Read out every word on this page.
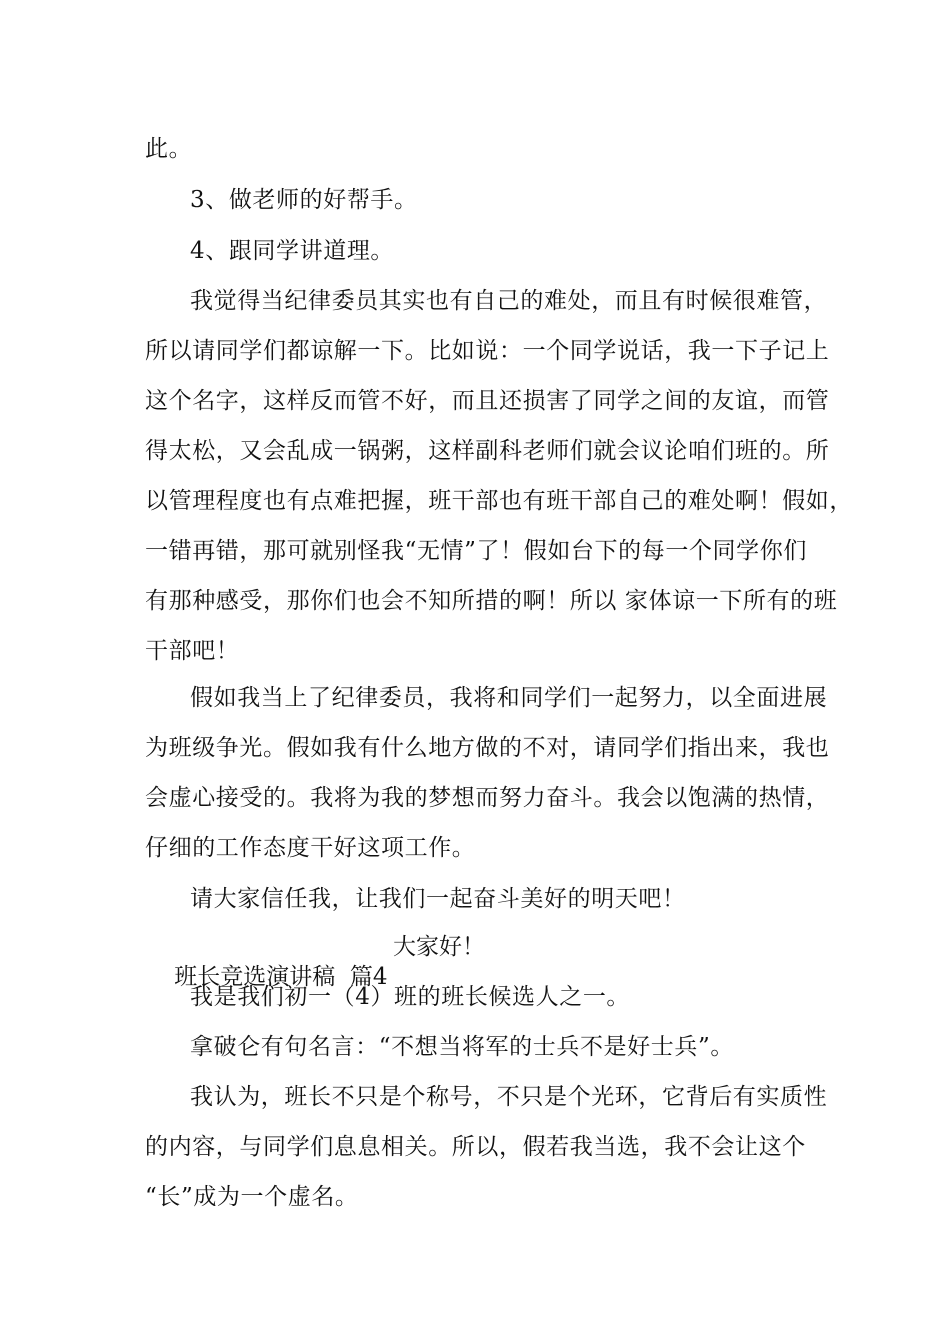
此。
3、做老师的好帮手。
4、跟同学讲道理。
我觉得当纪律委员其实也有自己的难处，而且有时候很难管，
所以请同学们都谅解一下。比如说：一个同学说话，我一下子记上
这个名字，这样反而管不好，而且还损害了同学之间的友谊，而管
得太松，又会乱成一锅粥，这样副科老师们就会议论咱们班的。所
以管理程度也有点难把握，班干部也有班干部自己的难处啊！假如，
一错再错，那可就别怪我“无情”了！假如台下的每一个同学你们
有那种感受，那你们也会不知所措的啊！所以 家体谅一下所有的班
干部吧！
假如我当上了纪律委员，我将和同学们一起努力，以全面进展
为班级争光。假如我有什么地方做的不对，请同学们指出来，我也
会虚心接受的。我将为我的梦想而努力奋斗。我会以饱满的热情，
仔细的工作态度干好这项工作。
请大家信任我，让我们一起奋斗美好的明天吧！

班长竞选演讲稿  篇4

大家好！

我是我们初一（4）班的班长候选人之一。
拿破仑有句名言：“不想当将军的士兵不是好士兵”。
我认为，班长不只是个称号，不只是个光环，它背后有实质性
的内容，与同学们息息相关。所以，假若我当选，我不会让这个
“长”成为一个虚名。
